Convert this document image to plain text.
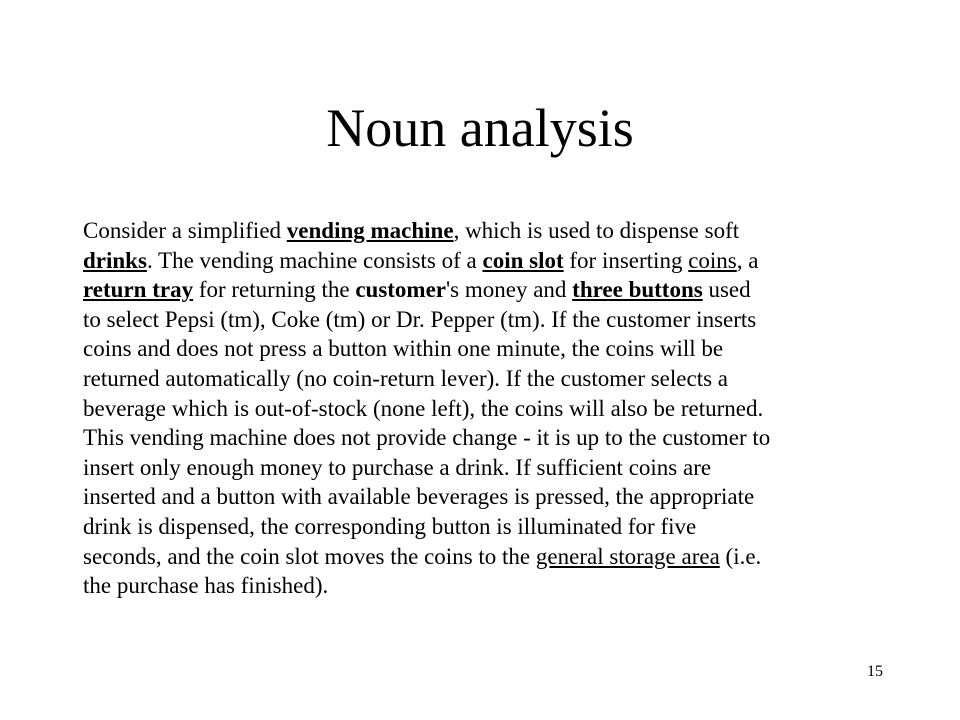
Noun analysis
Consider a simplified vending machine, which is used to dispense soft
drinks. The vending machine consists of a coin slot for inserting coins, a
return tray for returning the customer's money and three buttons used
to select Pepsi (tm), Coke (tm) or Dr. Pepper (tm). If the customer inserts
coins and does not press a button within one minute, the coins will be
returned automatically (no coin-return lever). If the customer selects a
beverage which is out-of-stock (none left), the coins will also be returned.
This vending machine does not provide change - it is up to the customer to
insert only enough money to purchase a drink. If sufficient coins are
inserted and a button with available beverages is pressed, the appropriate
drink is dispensed, the corresponding button is illuminated for five
seconds, and the coin slot moves the coins to the general storage area (i.e.
the purchase has finished).
15
